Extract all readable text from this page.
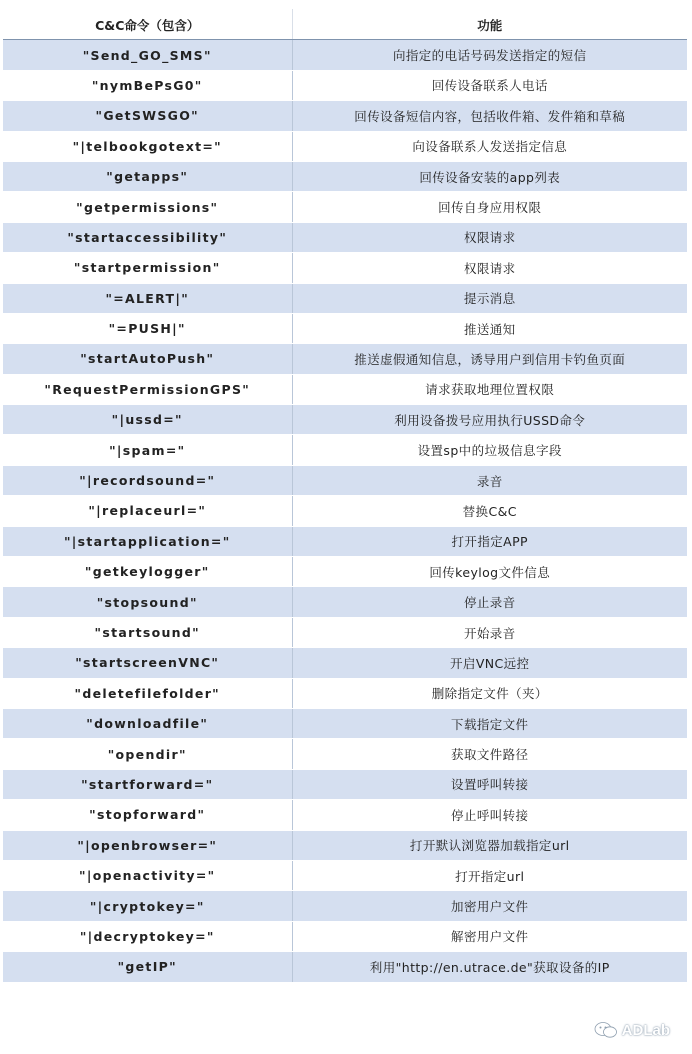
C&C命令（包含）	功能
"Send_GO_SMS"	向指定的电话号码发送指定的短信
"nymBePsG0"	回传设备联系人电话
"GetSWSGO"	回传设备短信内容，包括收件箱、发件箱和草稿
"|telbookgotext="	向设备联系人发送指定信息
"getapps"	回传设备安装的app列表
"getpermissions"	回传自身应用权限
"startaccessibility"	权限请求
"startpermission"	权限请求
"=ALERT|"	提示消息
"=PUSH|"	推送通知
"startAutoPush"	推送虚假通知信息，诱导用户到信用卡钓鱼页面
"RequestPermissionGPS"	请求获取地理位置权限
"|ussd="	利用设备拨号应用执行USSD命令
"|spam="	设置sp中的垃圾信息字段
"|recordsound="	录音
"|replaceurl="	替换C&C
"|startapplication="	打开指定APP
"getkeylogger"	回传keylog文件信息
"stopsound"	停止录音
"startsound"	开始录音
"startscreenVNC"	开启VNC远控
"deletefilefolder"	删除指定文件（夹）
"downloadfile"	下载指定文件
"opendir"	获取文件路径
"startforward="	设置呼叫转接
"stopforward"	停止呼叫转接
"|openbrowser="	打开默认浏览器加载指定url
"|openactivity="	打开指定url
"|cryptokey="	加密用户文件
"|decryptokey="	解密用户文件
"getIP"	利用"http://en.utrace.de"获取设备的IP
ADLab
